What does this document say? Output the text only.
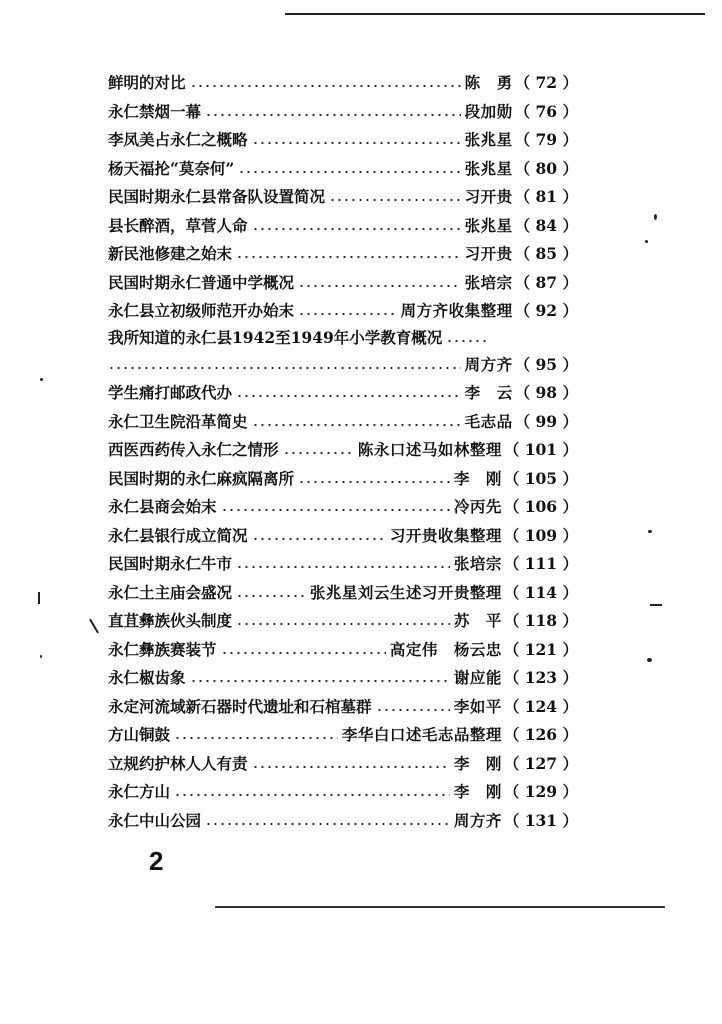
鲜明的对比	陈　勇 （ 72 ）
永仁禁烟一幕	段加勋 （ 76 ）
李凤美占永仁之概略	张兆星 （ 79 ）
杨天福抡“莫奈何”	张兆星 （ 80 ）
民国时期永仁县常备队设置简况	习开贵 （ 81 ）
县长醉酒，草菅人命	张兆星 （ 84 ）
新民池修建之始末	习开贵 （ 85 ）
民国时期永仁普通中学概况	张培宗 （ 87 ）
永仁县立初级师范开办始末	周方齐收集整理 （ 92 ）
我所知道的永仁县1942至1949年小学教育概况
周方齐 （ 95 ）
学生痛打邮政代办	李　云 （ 98 ）
永仁卫生院沿革简史	毛志品 （ 99 ）
西医西药传入永仁之情形	陈永口述马如林整理 （ 101 ）
民国时期的永仁麻疯隔离所	李　刚 （ 105 ）
永仁县商会始末	冷丙先 （ 106 ）
永仁县银行成立简况	习开贵收集整理 （ 109 ）
民国时期永仁牛市	张培宗 （ 111 ）
永仁土主庙会盛况	张兆星刘云生述习开贵整理 （ 114 ）
直苴彝族伙头制度	苏　平 （ 118 ）
永仁彝族赛装节	高定伟　杨云忠 （ 121 ）
永仁椒齿象	谢应能 （ 123 ）
永定河流域新石器时代遗址和石棺墓群	李如平 （ 124 ）
方山铜鼓	李华白口述毛志品整理 （ 126 ）
立规约护林人人有责	李　刚 （ 127 ）
永仁方山	李　刚 （ 129 ）
永仁中山公园	周方齐 （ 131 ）
2
